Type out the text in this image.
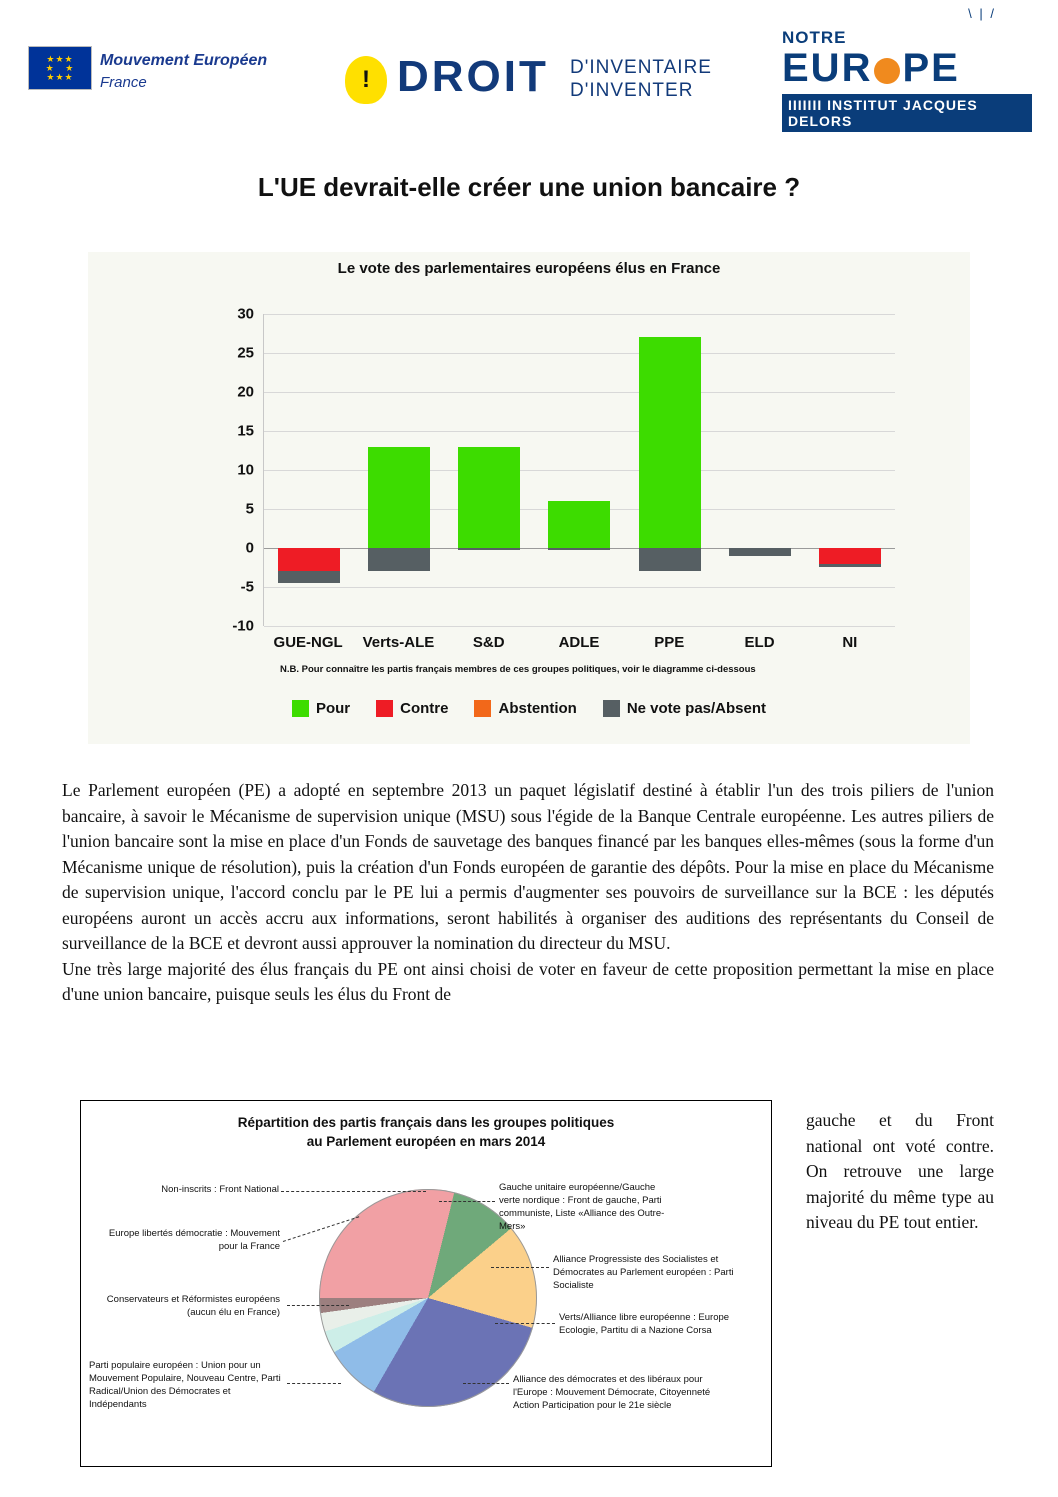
★★★
★   ★
★★★
Mouvement Européen
France	! DROIT D'INVENTAIRE
D'INVENTER
\ | /
NOTRE
EUR PE
IIIIIII INSTITUT JACQUES DELORS
L'UE devrait-elle créer une union bancaire ?
Le vote des parlementaires européens élus en France
30
25
20
15
10
5
0
-5
-10
GUE-NGL	Verts-ALE	S&D	ADLE	PPE	ELD	NI
N.B. Pour connaître les partis français membres de ces groupes politiques, voir le diagramme ci-dessous
Pour	Contre	Abstention	Ne vote pas/Absent

Le Parlement européen (PE) a adopté en septembre 2013 un paquet législatif destiné à établir l'un des trois piliers de l'union bancaire, à savoir le Mécanisme de supervision unique (MSU) sous l'égide de la Banque Centrale européenne. Les autres piliers de l'union bancaire sont la mise en place d'un Fonds de sauvetage des banques financé par les banques elles-mêmes (sous la forme d'un Mécanisme unique de résolution), puis la création d'un Fonds européen de garantie des dépôts. Pour la mise en place du Mécanisme de supervision unique, l'accord conclu par le PE lui a permis d'augmenter ses pouvoirs de surveillance sur la BCE : les députés européens auront un accès accru aux informations, seront habilités à organiser des auditions des représentants du Conseil de surveillance de la BCE et devront aussi approuver la nomination du directeur du MSU.

Une très large majorité des élus français du PE ont ainsi choisi de voter en faveur de cette proposition permettant la mise en place d'une union bancaire, puisque seuls les élus du Front de

gauche et du Front national ont voté contre. On retrouve une large majorité du même type au niveau du PE tout entier.
Répartition des partis français dans les groupes politiques
au Parlement européen en mars 2014
Non-inscrits : Front National
Europe libertés démocratie : Mouvement pour la France
Conservateurs et Réformistes européens (aucun élu en France)
Parti populaire européen : Union pour un Mouvement Populaire, Nouveau Centre, Parti Radical/Union des Démocrates et Indépendants
Gauche unitaire européenne/Gauche verte nordique : Front de gauche, Parti communiste, Liste «Alliance des Outre-Mers»
Alliance Progressiste des Socialistes et Démocrates au Parlement européen : Parti Socialiste
Verts/Alliance libre européenne : Europe Ecologie, Partitu di a Nazione Corsa
Alliance des démocrates et des libéraux pour l'Europe : Mouvement Démocrate, Citoyenneté Action Participation pour le 21e siècle
